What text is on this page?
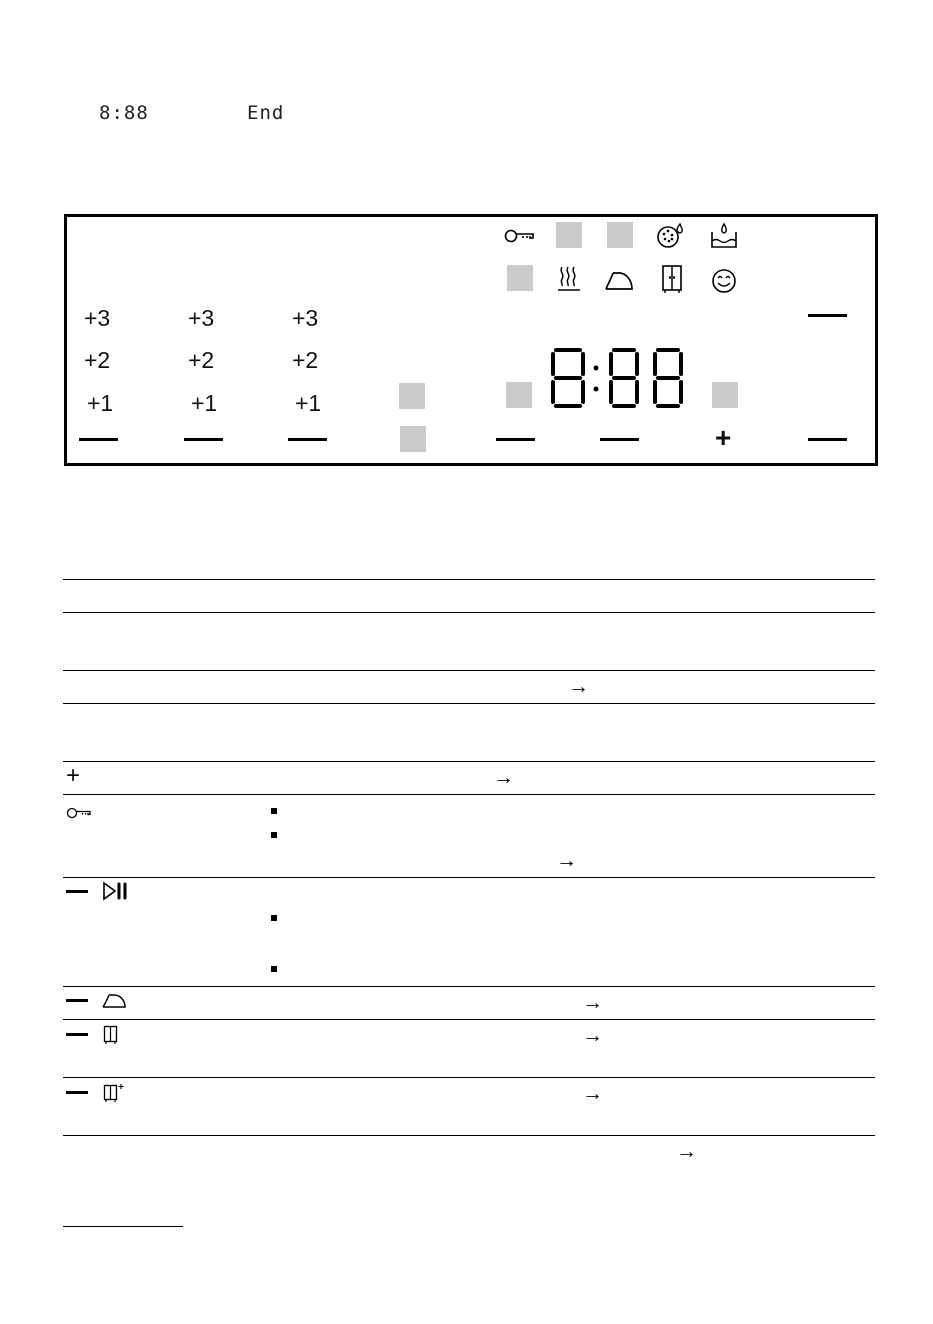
8:88	End
+3
+2
+1
+3
+2
+1
+3
+2
+1
+
→
→
→
→
→
→
→
+
